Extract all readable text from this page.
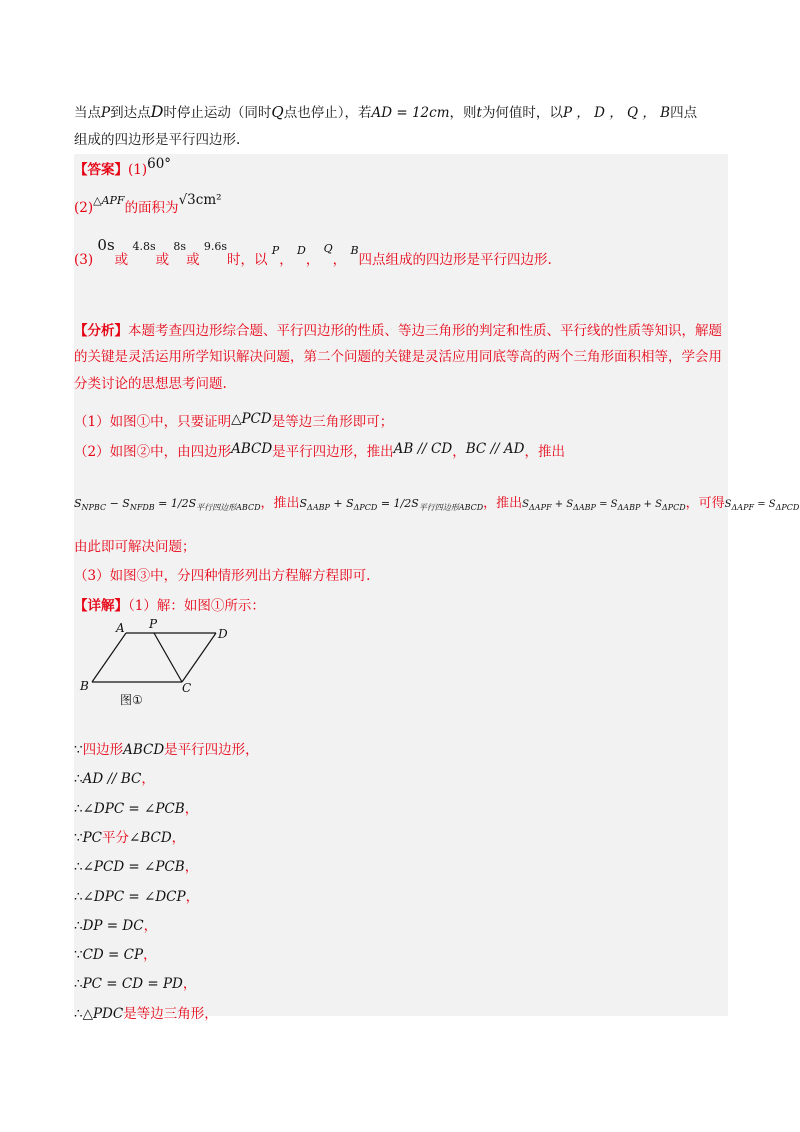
当点P到达点D时停止运动（同时Q点也停止），若AD = 12cm，则t为何值时，以P ， D ， Q ， B四点
组成的四边形是平行四边形.
【答案】(1)60°
$(2)^{\triangle APF}$的面积为√3cm²
(3) 0s或 $^{4.8s}$或 $^{8s}$或 $^{9.6s}$时，以 $^P$， $^D$， $^Q$， $^B$四点组成的四边形是平行四边形.
【分析】本题考查四边形综合题、平行四边形的性质、等边三角形的判定和性质、平行线的性质等知识，解题的关键是灵活运用所学知识解决问题，第二个问题的关键是灵活应用同底等高的两个三角形面积相等，学会用分类讨论的思想思考问题.
（1）如图①中，只要证明△PCD是等边三角形即可；
（2）如图②中，由四边形ABCD是平行四边形，推出AB // CD，BC // AD，推出
$S_{NPBC} - S_{NFDB} = 1/2S_{平行四边形ABCD}$，推出$S_{\Delta ABP} + S_{\Delta PCD} = 1/2S_{平行四边形ABCD}$，推出$S_{\Delta APF} + S_{\Delta ABP} = S_{\Delta ABP} + S_{\Delta PCD}$，可得$S_{\Delta APF} = S_{\Delta PCD}$
由此即可解决问题；
（3）如图③中，分四种情形列出方程解方程即可.
【详解】（1）解：如图①所示：
A P
D
B	C
图①
∵四边形ABCD是平行四边形，
∴AD // BC，
∴∠DPC = ∠PCB，
∵PC平分∠BCD，
∴∠PCD = ∠PCB，
∴∠DPC = ∠DCP，
∴DP = DC，
∵CD = CP，
∴PC = CD = PD，
∴△PDC是等边三角形，
